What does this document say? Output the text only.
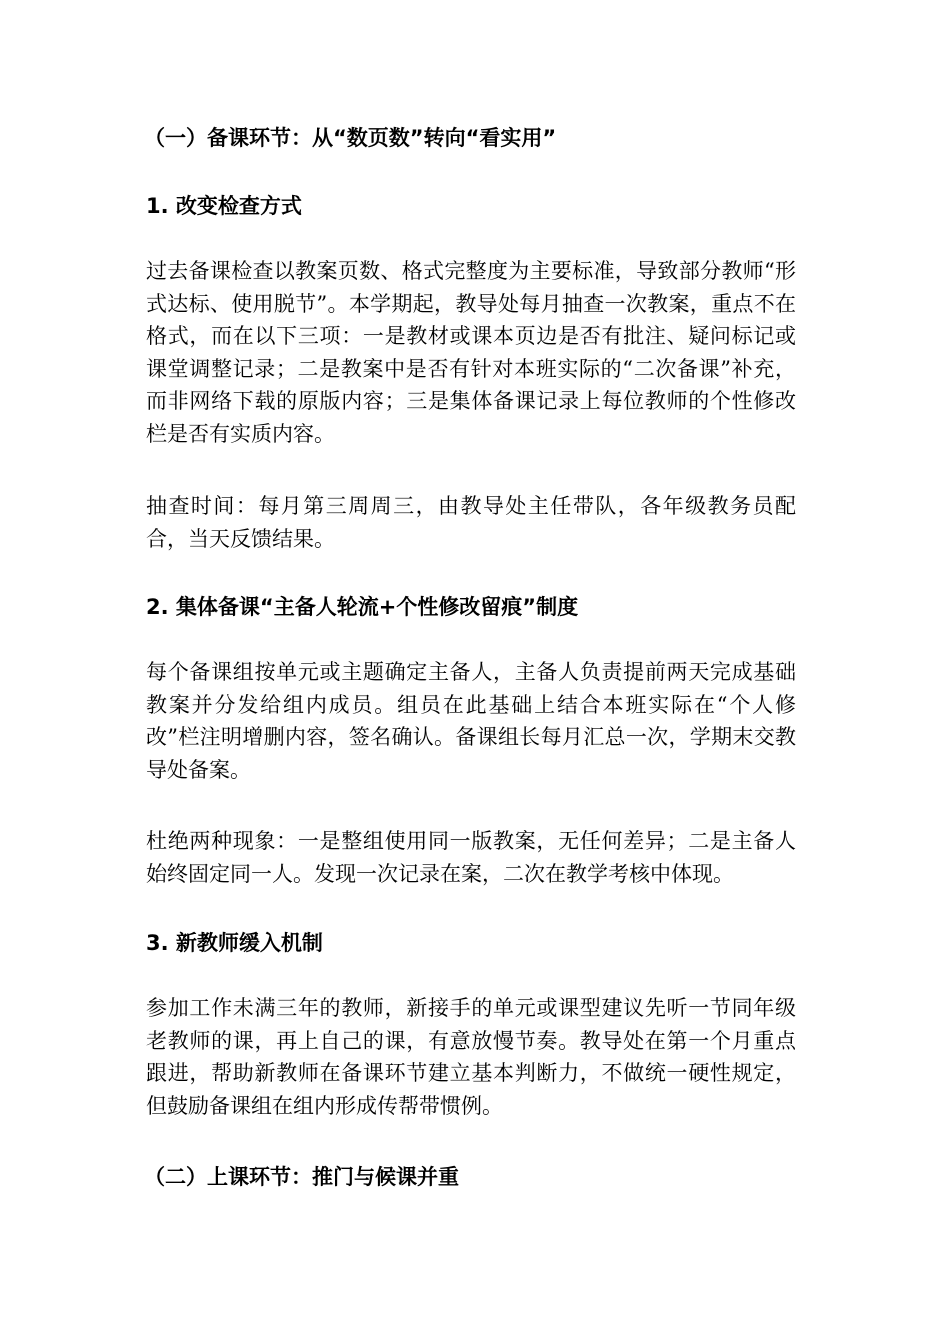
（一）备课环节：从“数页数”转向“看实用”
1. 改变检查方式
过去备课检查以教案页数、格式完整度为主要标准，导致部分教师“形式达标、使用脱节”。本学期起，教导处每月抽查一次教案，重点不在格式，而在以下三项：一是教材或课本页边是否有批注、疑问标记或课堂调整记录；二是教案中是否有针对本班实际的“二次备课”补充，而非网络下载的原版内容；三是集体备课记录上每位教师的个性修改栏是否有实质内容。
抽查时间：每月第三周周三，由教导处主任带队，各年级教务员配合，当天反馈结果。
2. 集体备课“主备人轮流+个性修改留痕”制度
每个备课组按单元或主题确定主备人，主备人负责提前两天完成基础教案并分发给组内成员。组员在此基础上结合本班实际在“个人修改”栏注明增删内容，签名确认。备课组长每月汇总一次，学期末交教导处备案。
杜绝两种现象：一是整组使用同一版教案，无任何差异；二是主备人始终固定同一人。发现一次记录在案，二次在教学考核中体现。
3. 新教师缓入机制
参加工作未满三年的教师，新接手的单元或课型建议先听一节同年级老教师的课，再上自己的课，有意放慢节奏。教导处在第一个月重点跟进，帮助新教师在备课环节建立基本判断力，不做统一硬性规定，但鼓励备课组在组内形成传帮带惯例。
（二）上课环节：推门与候课并重
